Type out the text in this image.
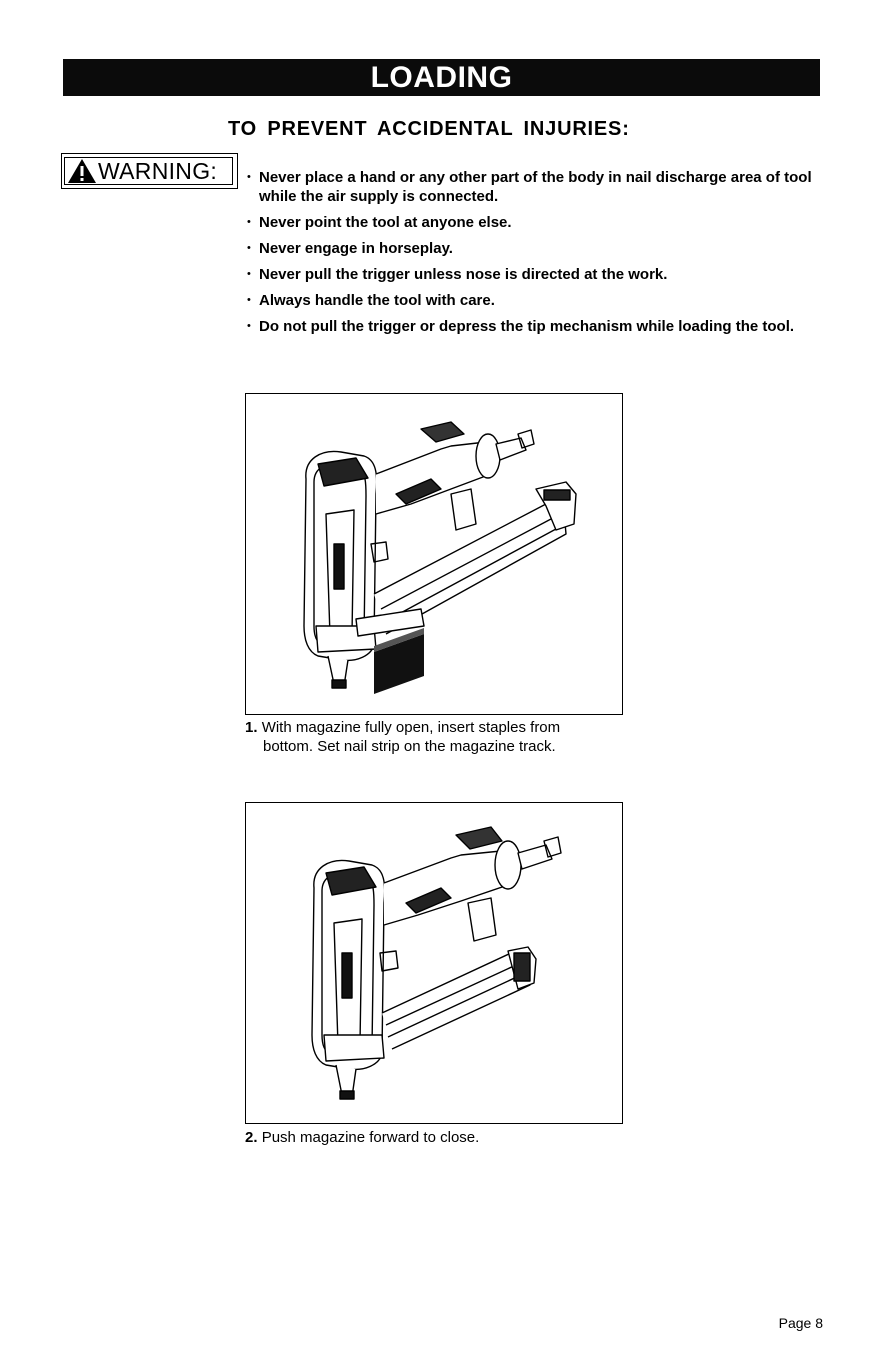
LOADING
TO PREVENT ACCIDENTAL INJURIES:
WARNING:
•	Never place a hand or any other part of the body in nail discharge area of tool while the air supply is connected.
• Never point the tool at anyone else.
• Never engage in horseplay.
• Never pull the trigger unless nose is directed at the work.
• Always handle the tool with care.
• Do not pull the trigger or depress the tip mechanism while loading the tool.
1. With magazine fully open, insert staples from
bottom. Set nail strip on the magazine track.
2. Push magazine forward to close.
Page 8
